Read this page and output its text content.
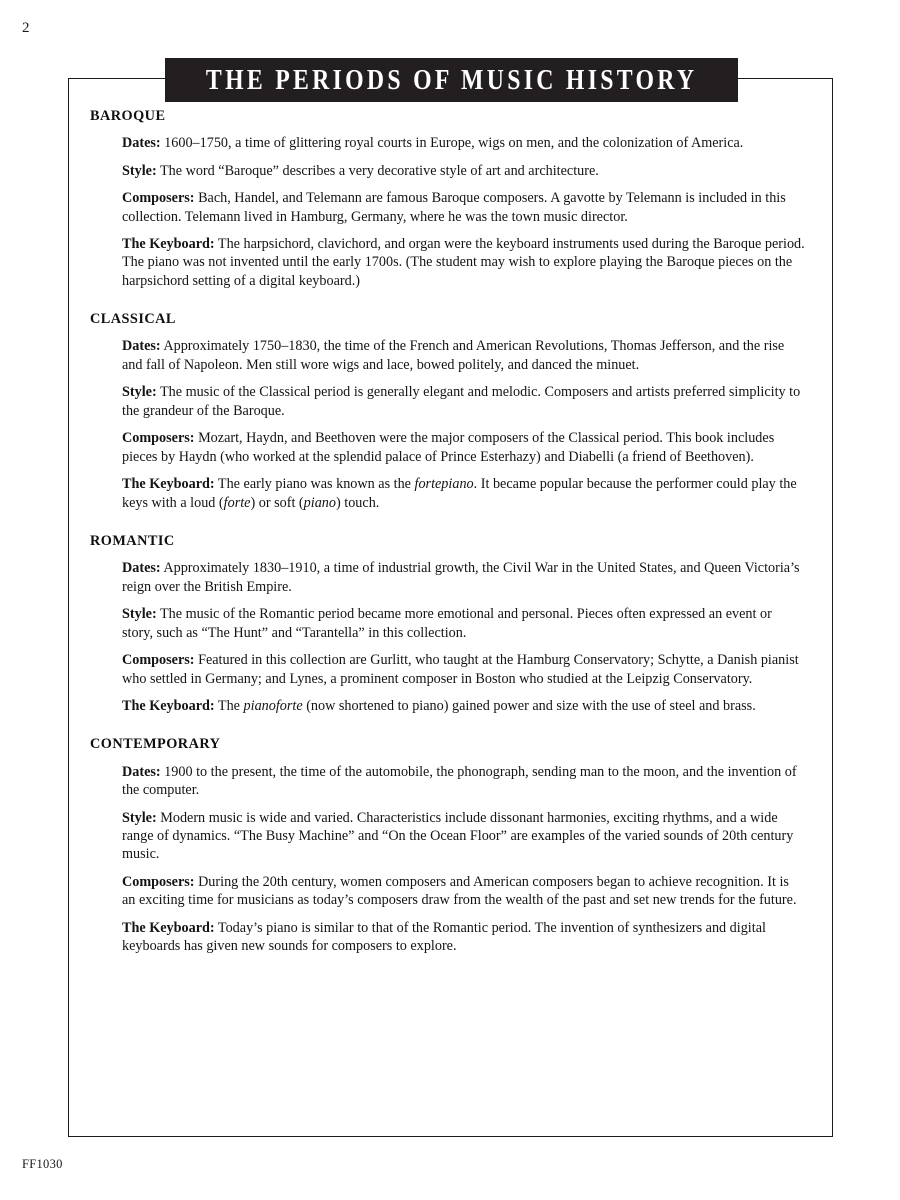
2
THE PERIODS OF MUSIC HISTORY
BAROQUE

Dates: 1600–1750, a time of glittering royal courts in Europe, wigs on men, and the colonization of America.

Style: The word “Baroque” describes a very decorative style of art and architecture.

Composers: Bach, Handel, and Telemann are famous Baroque composers. A gavotte by Telemann is included in this collection. Telemann lived in Hamburg, Germany, where he was the town music director.

The Keyboard: The harpsichord, clavichord, and organ were the keyboard instruments used during the Baroque period. The piano was not invented until the early 1700s. (The student may wish to explore playing the Baroque pieces on the harpsichord setting of a digital keyboard.)

CLASSICAL

Dates: Approximately 1750–1830, the time of the French and American Revolutions, Thomas Jefferson, and the rise and fall of Napoleon. Men still wore wigs and lace, bowed politely, and danced the minuet.

Style: The music of the Classical period is generally elegant and melodic. Composers and artists preferred simplicity to the grandeur of the Baroque.

Composers: Mozart, Haydn, and Beethoven were the major composers of the Classical period. This book includes pieces by Haydn (who worked at the splendid palace of Prince Esterhazy) and Diabelli (a friend of Beethoven).

The Keyboard: The early piano was known as the fortepiano. It became popular because the performer could play the keys with a loud (forte) or soft (piano) touch.

ROMANTIC

Dates: Approximately 1830–1910, a time of industrial growth, the Civil War in the United States, and Queen Victoria’s reign over the British Empire.

Style: The music of the Romantic period became more emotional and personal. Pieces often expressed an event or story, such as “The Hunt” and “Tarantella” in this collection.

Composers: Featured in this collection are Gurlitt, who taught at the Hamburg Conservatory; Schytte, a Danish pianist who settled in Germany; and Lynes, a prominent composer in Boston who studied at the Leipzig Conservatory.

The Keyboard: The pianoforte (now shortened to piano) gained power and size with the use of steel and brass.

CONTEMPORARY

Dates: 1900 to the present, the time of the automobile, the phonograph, sending man to the moon, and the invention of the computer.

Style: Modern music is wide and varied. Characteristics include dissonant harmonies, exciting rhythms, and a wide range of dynamics. “The Busy Machine” and “On the Ocean Floor” are examples of the varied sounds of 20th century music.

Composers: During the 20th century, women composers and American composers began to achieve recognition. It is an exciting time for musicians as today’s composers draw from the wealth of the past and set new trends for the future.

The Keyboard: Today’s piano is similar to that of the Romantic period. The invention of synthesizers and digital keyboards has given new sounds for composers to explore.

FF1030
